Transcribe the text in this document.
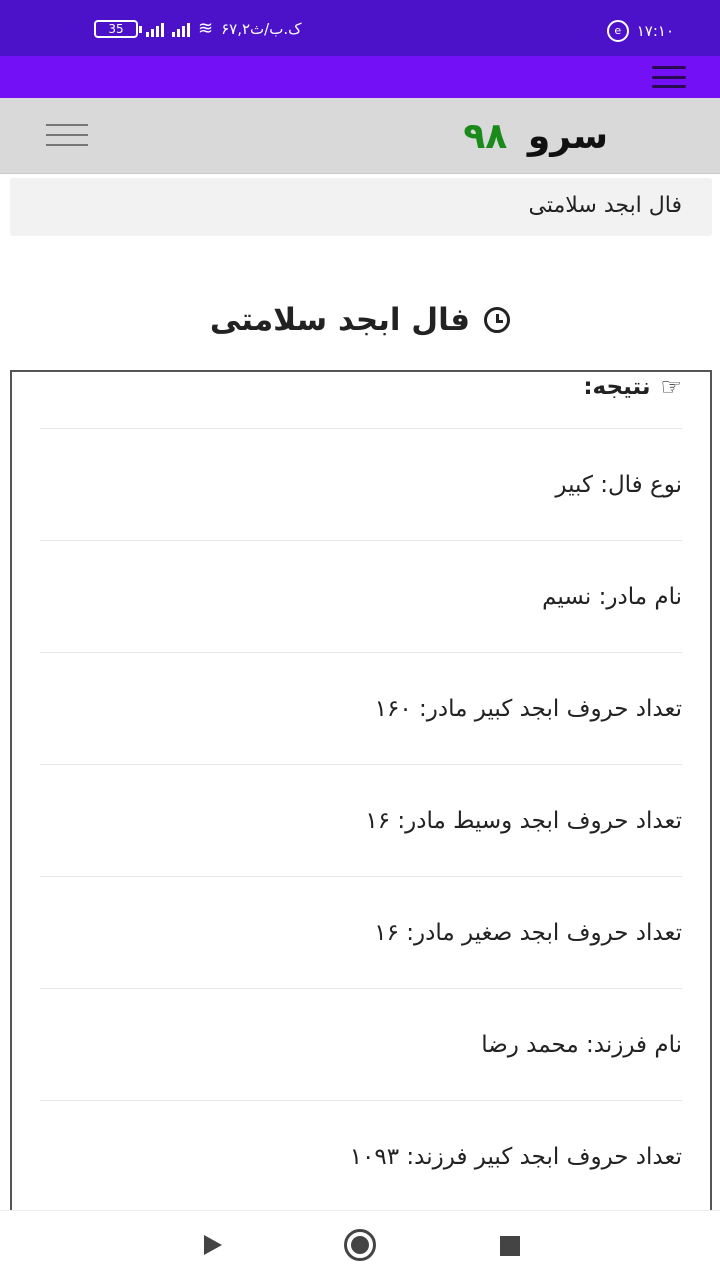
35	≋ ۶۷,۲ک.ب/ث	e	۱۷:۱۰
سرو ۹۸
فال ابجد سلامتی
فال ابجد سلامتی
☞
نتیجه:
نوع فال: کبیر
نام مادر: نسیم
تعداد حروف ابجد کبیر مادر: ۱۶۰
تعداد حروف ابجد وسیط مادر: ۱۶
تعداد حروف ابجد صغیر مادر: ۱۶
نام فرزند: محمد رضا
تعداد حروف ابجد کبیر فرزند: ۱۰۹۳
